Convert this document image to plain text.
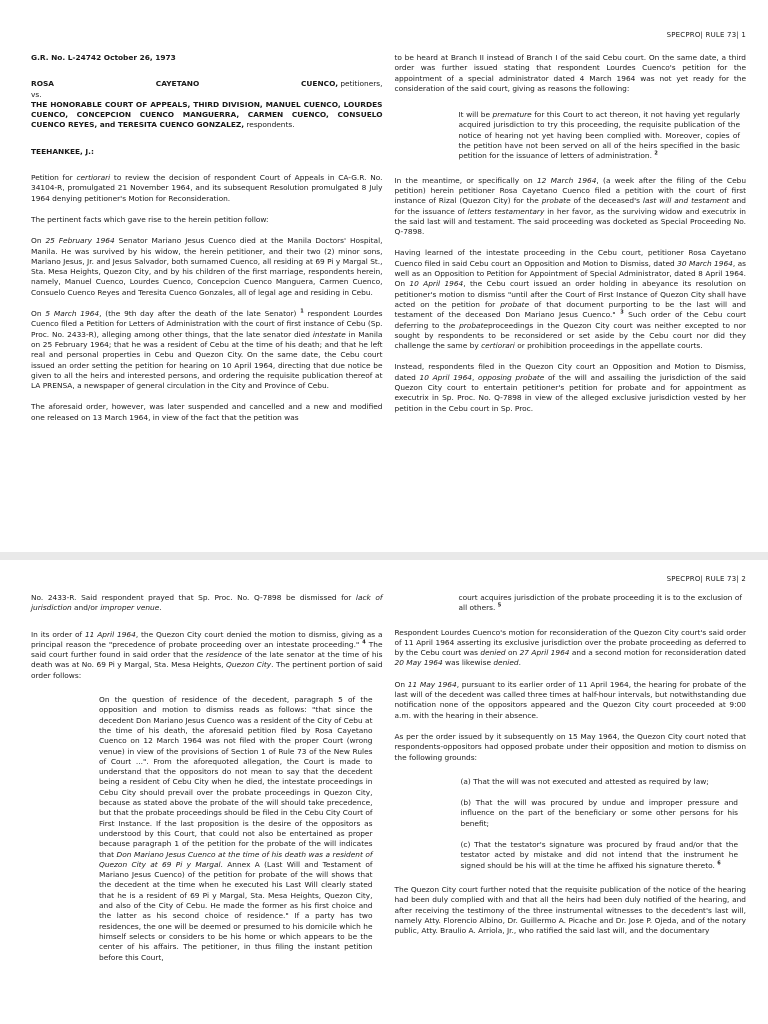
SPECPRO| RULE 73| 1

G.R. No. L-24742 October 26, 1973

ROSA	CAYETANO	CUENCO, petitioners,

vs.

THE HONORABLE COURT OF APPEALS, THIRD DIVISION, MANUEL CUENCO, LOURDES CUENCO, CONCEPCION CUENCO MANGUERRA, CARMEN CUENCO, CONSUELO CUENCO REYES, and TERESITA CUENCO GONZALEZ, respondents.

TEEHANKEE, J.:

Petition for certiorari to review the decision of respondent Court of Appeals in CA-G.R. No. 34104-R, promulgated 21 November 1964, and its subsequent Resolution promulgated 8 July 1964 denying petitioner's Motion for Reconsideration.

The pertinent facts which gave rise to the herein petition follow:

On 25 February 1964 Senator Mariano Jesus Cuenco died at the Manila Doctors' Hospital, Manila. He was survived by his widow, the herein petitioner, and their two (2) minor sons, Mariano Jesus, Jr. and Jesus Salvador, both surnamed Cuenco, all residing at 69 Pi y Margal St., Sta. Mesa Heights, Quezon City, and by his children of the first marriage, respondents herein, namely, Manuel Cuenco, Lourdes Cuenco, Concepcion Cuenco Manguera, Carmen Cuenco, Consuelo Cuenco Reyes and Teresita Cuenco Gonzales, all of legal age and residing in Cebu.

On 5 March 1964, (the 9th day after the death of the late Senator) $^1$ respondent Lourdes Cuenco filed a Petition for Letters of Administration with the court of first instance of Cebu (Sp. Proc. No. 2433-R), alleging among other things, that the late senator died intestate in Manila on 25 February 1964; that he was a resident of Cebu at the time of his death; and that he left real and personal properties in Cebu and Quezon City. On the same date, the Cebu court issued an order setting the petition for hearing on 10 April 1964, directing that due notice be given to all the heirs and interested persons, and ordering the requisite publication thereof at LA PRENSA, a newspaper of general circulation in the City and Province of Cebu.

The aforesaid order, however, was later suspended and cancelled and a new and modified one released on 13 March 1964, in view of the fact that the petition was

to be heard at Branch II instead of Branch I of the said Cebu court. On the same date, a third order was further issued stating that respondent Lourdes Cuenco's petition for the appointment of a special administrator dated 4 March 1964 was not yet ready for the consideration of the said court, giving as reasons the following:

It will be premature for this Court to act thereon, it not having yet regularly acquired jurisdiction to try this proceeding, the requisite publication of the notice of hearing not yet having been complied with. Moreover, copies of the petition have not been served on all of the heirs specified in the basic petition for the issuance of letters of administration. $^2$

In the meantime, or specifically on 12 March 1964, (a week after the filing of the Cebu petition) herein petitioner Rosa Cayetano Cuenco filed a petition with the court of first instance of Rizal (Quezon City) for the probate of the deceased's last will and testament and for the issuance of letters testamentary in her favor, as the surviving widow and executrix in the said last will and testament. The said proceeding was docketed as Special Proceeding No. Q-7898.

Having learned of the intestate proceeding in the Cebu court, petitioner Rosa Cayetano Cuenco filed in said Cebu court an Opposition and Motion to Dismiss, dated 30 March 1964, as well as an Opposition to Petition for Appointment of Special Administrator, dated 8 April 1964. On 10 April 1964, the Cebu court issued an order holding in abeyance its resolution on petitioner's motion to dismiss "until after the Court of First Instance of Quezon City shall have acted on the petition for probate of that document purporting to be the last will and testament of the deceased Don Mariano Jesus Cuenco." $^3$ Such order of the Cebu court deferring to the probateproceedings in the Quezon City court was neither excepted to nor sought by respondents to be reconsidered or set aside by the Cebu court nor did they challenge the same by certiorari or prohibition proceedings in the appellate courts.

Instead, respondents filed in the Quezon City court an Opposition and Motion to Dismiss, dated 10 April 1964, opposing probate of the will and assailing the jurisdiction of the said Quezon City court to entertain petitioner's petition for probate and for appointment as executrix in Sp. Proc. No. Q-7898 in view of the alleged exclusive jurisdiction vested by her petition in the Cebu court in Sp. Proc.

SPECPRO| RULE 73| 2

No. 2433-R. Said respondent prayed that Sp. Proc. No. Q-7898 be dismissed for lack of jurisdiction and/or improper venue.

In its order of 11 April 1964, the Quezon City court denied the motion to dismiss, giving as a principal reason the "precedence of probate proceeding over an intestate proceeding." $^4$ The said court further found in said order that the residence of the late senator at the time of his death was at No. 69 Pi y Margal, Sta. Mesa Heights, Quezon City. The pertinent portion of said order follows:

On the question of residence of the decedent, paragraph 5 of the opposition and motion to dismiss reads as follows: "that since the decedent Don Mariano Jesus Cuenco was a resident of the City of Cebu at the time of his death, the aforesaid petition filed by Rosa Cayetano Cuenco on 12 March 1964 was not filed with the proper Court (wrong venue) in view of the provisions of Section 1 of Rule 73 of the New Rules of Court ...". From the aforequoted allegation, the Court is made to understand that the oppositors do not mean to say that the decedent being a resident of Cebu City when he died, the intestate proceedings in Cebu City should prevail over the probate proceedings in Quezon City, because as stated above the probate of the will should take precedence, but that the probate proceedings should be filed in the Cebu City Court of First Instance. If the last proposition is the desire of the oppositors as understood by this Court, that could not also be entertained as proper because paragraph 1 of the petition for the probate of the will indicates that Don Mariano Jesus Cuenco at the time of his death was a resident of Quezon City at 69 Pi y Margal. Annex A (Last Will and Testament of Mariano Jesus Cuenco) of the petition for probate of the will shows that the decedent at the time when he executed his Last Will clearly stated that he is a resident of 69 Pi y Margal, Sta. Mesa Heights, Quezon City, and also of the City of Cebu. He made the former as his first choice and the latter as his second choice of residence." If a party has two residences, the one will be deemed or presumed to his domicile which he himself selects or considers to be his home or which appears to be the center of his affairs. The petitioner, in thus filing the instant petition before this Court,

court acquires jurisdiction of the probate proceeding it is to the exclusion of all others. $^5$

Respondent Lourdes Cuenco's motion for reconsideration of the Quezon City court's said order of 11 April 1964 asserting its exclusive jurisdiction over the probate proceeding as deferred to by the Cebu court was denied on 27 April 1964 and a second motion for reconsideration dated 20 May 1964 was likewise denied.

On 11 May 1964, pursuant to its earlier order of 11 April 1964, the hearing for probate of the last will of the decedent was called three times at half-hour intervals, but notwithstanding due notification none of the oppositors appeared and the Quezon City court proceeded at 9:00 a.m. with the hearing in their absence.

As per the order issued by it subsequently on 15 May 1964, the Quezon City court noted that respondents-oppositors had opposed probate under their opposition and motion to dismiss on the following grounds:

(a) That the will was not executed and attested as required by law;

(b) That the will was procured by undue and improper pressure and influence on the part of the beneficiary or some other persons for his benefit;

(c) That the testator's signature was procured by fraud and/or that the testator acted by mistake and did not intend that the instrument he signed should be his will at the time he affixed his signature thereto. $^6$

The Quezon City court further noted that the requisite publication of the notice of the hearing had been duly complied with and that all the heirs had been duly notified of the hearing, and after receiving the testimony of the three instrumental witnesses to the decedent's last will, namely Atty. Florencio Albino, Dr. Guillermo A. Picache and Dr. Jose P. Ojeda, and of the notary public, Atty. Braulio A. Arriola, Jr., who ratified the said last will, and the documentary
